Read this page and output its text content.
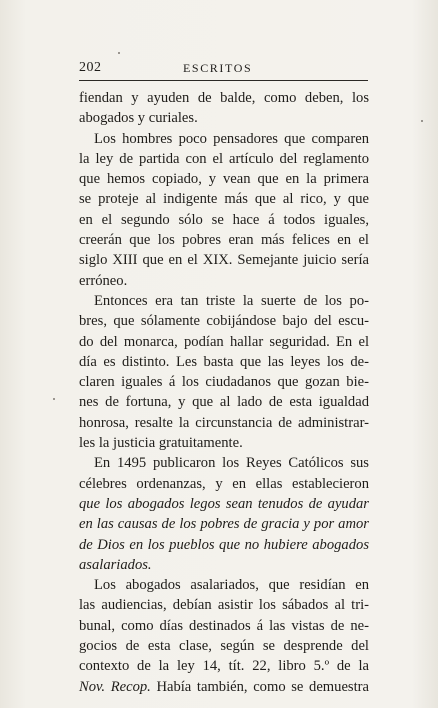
202	ESCRITOS
fiendan y ayuden de balde, como deben, los
abogados y curiales.
Los hombres poco pensadores que comparen
la ley de partida con el artículo del reglamento
que hemos copiado, y vean que en la primera
se proteje al indigente más que al rico, y que
en el segundo sólo se hace á todos iguales,
creerán que los pobres eran más felices en el
siglo XIII que en el XIX. Semejante juicio sería
erróneo.
Entonces era tan triste la suerte de los po-
bres, que sólamente cobijándose bajo del escu-
do del monarca, podían hallar seguridad. En el
día es distinto. Les basta que las leyes los de-
claren iguales á los ciudadanos que gozan bie-
nes de fortuna, y que al lado de esta igualdad
honrosa, resalte la circunstancia de administrar-
les la justicia gratuitamente.
En 1495 publicaron los Reyes Católicos sus
célebres ordenanzas, y en ellas establecieron
que los abogados legos sean tenudos de ayudar
en las causas de los pobres de gracia y por amor
de Dios en los pueblos que no hubiere abogados
asalariados.
Los abogados asalariados, que residían en
las audiencias, debían asistir los sábados al tri-
bunal, como días destinados á las vistas de ne-
gocios de esta clase, según se desprende del
contexto de la ley 14, tít. 22, libro 5.º de la
Nov. Recop. Había también, como se demuestra
